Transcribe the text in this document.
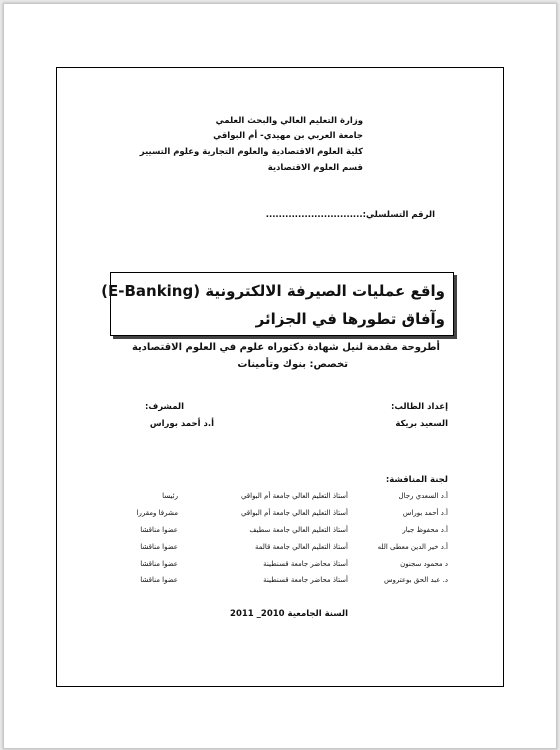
وزارة التعليم العالي والبحث العلمي
جامعة العربي بن مهيدي- أم البواقي
كلية العلوم الاقتصادية والعلوم التجارية وعلوم التسيير
قسم العلوم الاقتصادية
الرقم التسلسلي:..............................
واقع عمليات الصيرفة الالكترونية (E-Banking)
وآفاق تطورها في الجزائر
أطروحة مقدمة لنيل شهادة دكتوراه علوم في العلوم الاقتصادية
تخصص: بنوك وتأمينات
إعداد الطالب:
السعيد بريكة
المشرف:
أ.د أحمد بوراس
لجنة المناقشة:
أ.د السعدي رجال
أستاذ التعليم العالي جامعة أم البواقي
رئيسا
أ.د أحمد بوراس
أستاذ التعليم العالي جامعة أم البواقي
مشرفا ومقررا
أ.د محفوظ جبار
أستاذ التعليم العالي جامعة سطيف
عضوا مناقشا
أ.د خير الدين معطى الله
أستاذ التعليم العالي جامعة قالمة
عضوا مناقشا
د محمود سجنون
أستاذ محاضر جامعة قسنطينة
عضوا مناقشا
د. عبد الحق بوعتروس
أستاذ محاضر جامعة قسنطينة
عضوا مناقشا
السنة الجامعية 2010_ 2011
